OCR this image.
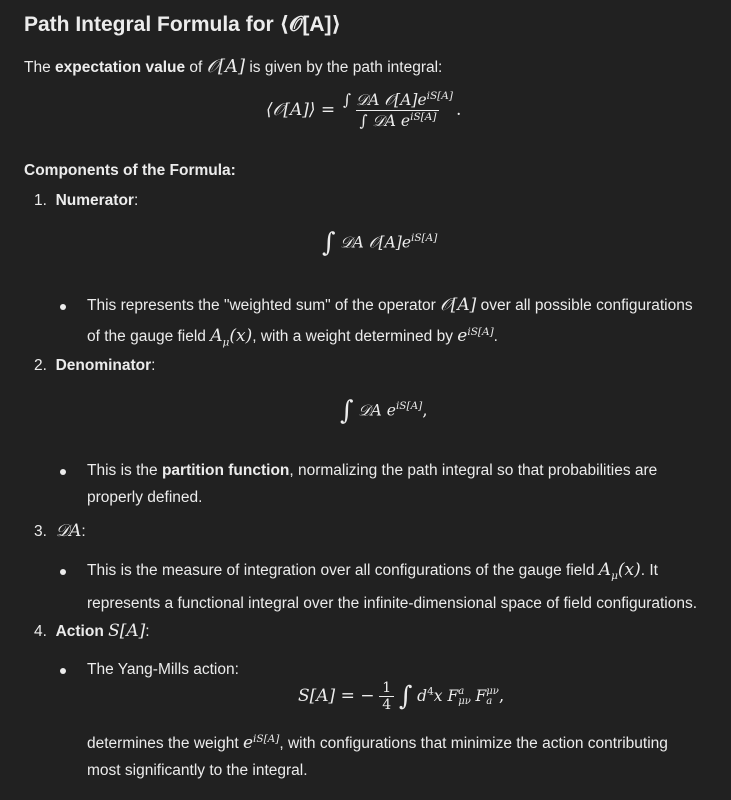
Path Integral Formula for ⟨𝒪[A]⟩

The expectation value of 𝒪[A] is given by the path integral:

⟨𝒪[A]⟩ = $\frac{\int 𝒟A 𝒪[A]e^{iS[A]}}{\int 𝒟A e^{iS[A]}}$ .

Components of the Formula:

1. Numerator:
∫ 𝒟A $𝒪[A]e^{iS[A]}$
This represents the "weighted sum" of the operator 𝒪[A] over all possible configurations
of the gauge field $A_\mu(x)$, with a weight determined by $e^{iS[A]}$.
2. Denominator:
∫ 𝒟A $e^{iS[A]}$,
This is the partition function, normalizing the path integral so that probabilities are
properly defined.
3. 𝒟A:
This is the measure of integration over all configurations of the gauge field $A_\mu(x)$. It
represents a functional integral over the infinite-dimensional space of field configurations.
4. Action S[A]:
The Yang-Mills action:
S[A] = − $\frac{1}{4}$ ∫ $d^4x$ F a
μν F μν
a ,
determines the weight $e^{iS[A]}$, with configurations that minimize the action contributing
most significantly to the integral.
